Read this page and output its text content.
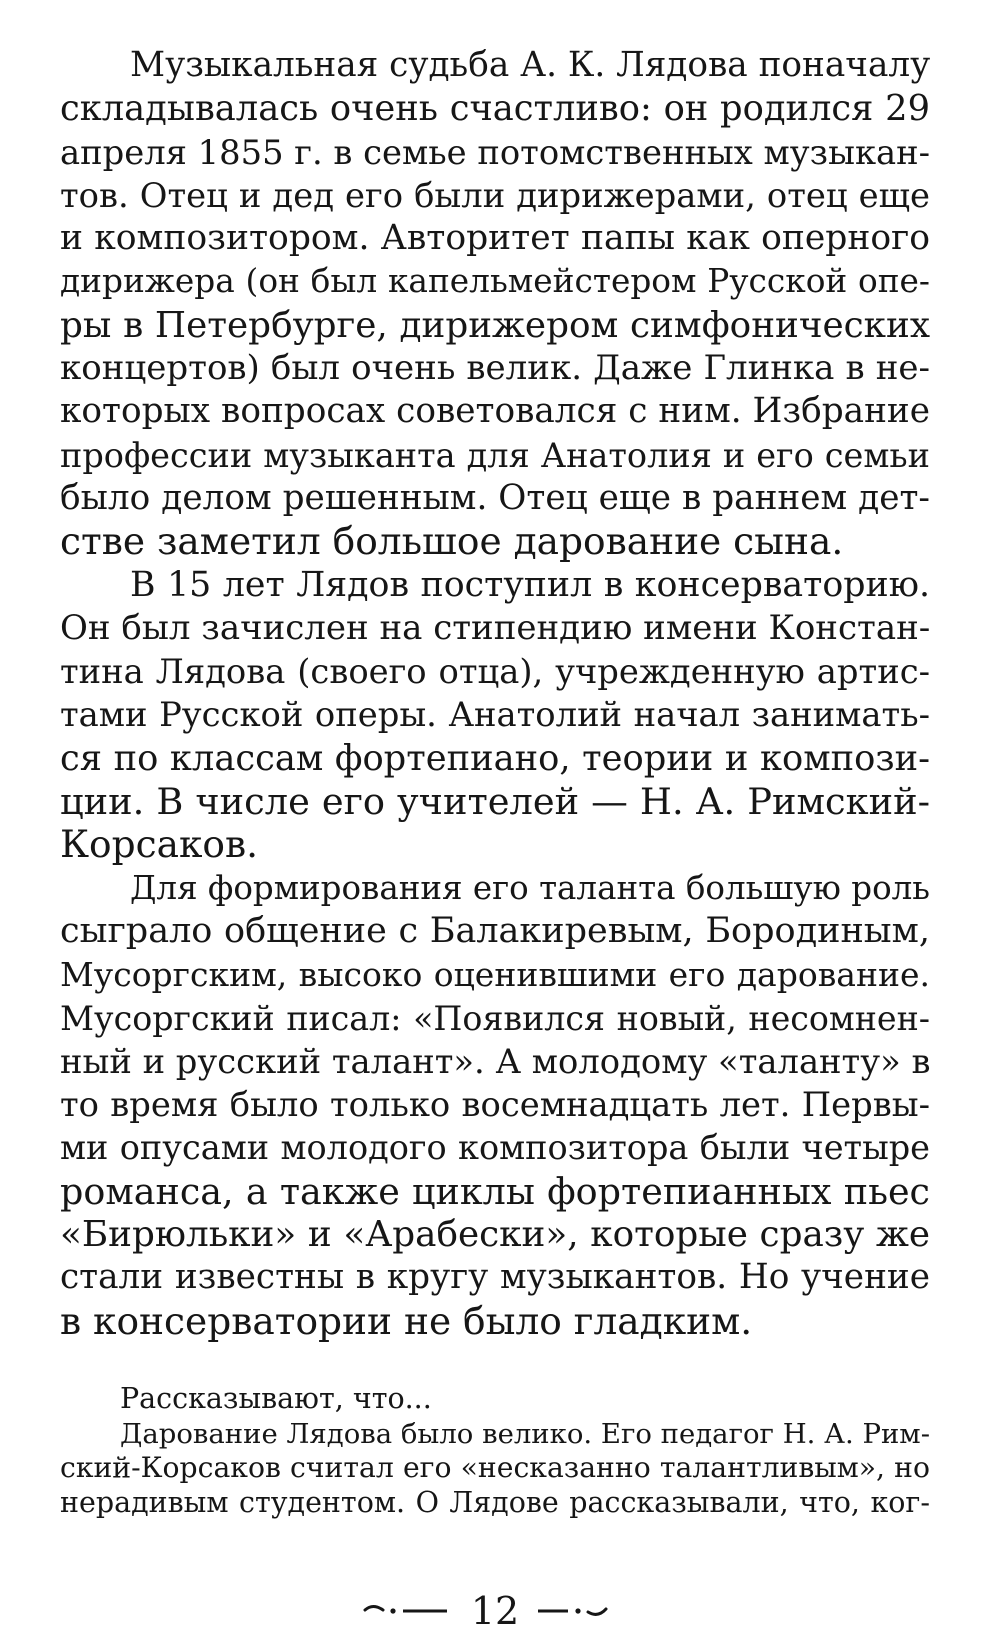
Музыкальная судьба А. К. Лядова поначалу
складывалась очень счастливо: он родился 29
апреля 1855 г. в семье потомственных музыкан-
тов. Отец и дед его были дирижерами, отец еще
и композитором. Авторитет папы как оперного
дирижера (он был капельмейстером Русской опе-
ры в Петербурге, дирижером симфонических
концертов) был очень велик. Даже Глинка в не-
которых вопросах советовался с ним. Избрание
профессии музыканта для Анатолия и его семьи
было делом решенным. Отец еще в раннем дет-
стве заметил большое дарование сына.
В 15 лет Лядов поступил в консерваторию.
Он был зачислен на стипендию имени Констан-
тина Лядова (своего отца), учрежденную артис-
тами Русской оперы. Анатолий начал занимать-
ся по классам фортепиано, теории и компози-
ции. В числе его учителей — Н. А. Римский-
Корсаков.
Для формирования его таланта большую роль
сыграло общение с Балакиревым, Бородиным,
Мусоргским, высоко оценившими его дарование.
Мусоргский писал: «Появился новый, несомнен-
ный и русский талант». А молодому «таланту» в
то время было только восемнадцать лет. Первы-
ми опусами молодого композитора были четыре
романса, а также циклы фортепианных пьес
«Бирюльки» и «Арабески», которые сразу же
стали известны в кругу музыкантов. Но учение
в консерватории не было гладким.
Рассказывают, что...
Дарование Лядова было велико. Его педагог Н. А. Рим-
ский-Корсаков считал его «несказанно талантливым», но
нерадивым студентом. О Лядове рассказывали, что, ког-
12
